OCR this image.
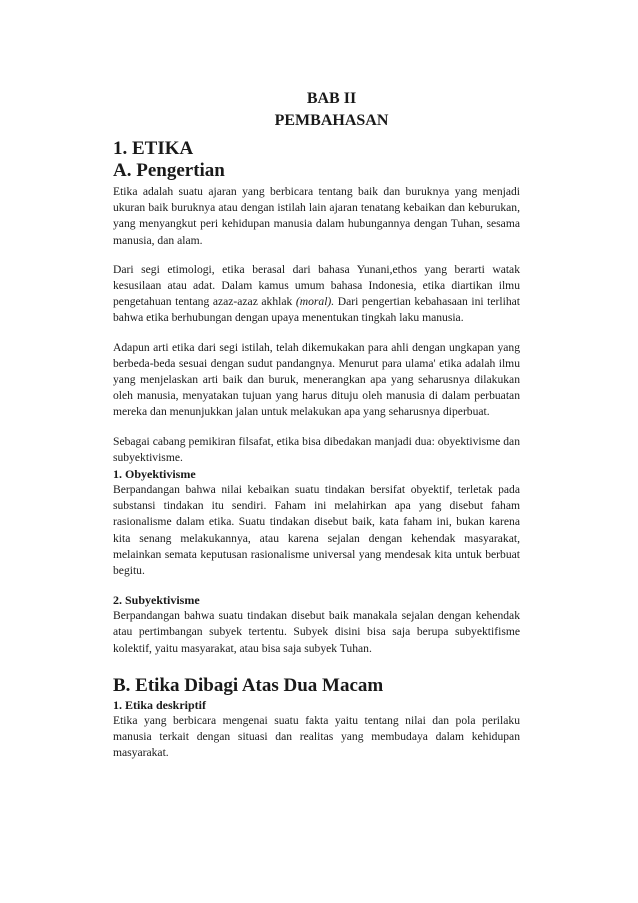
BAB II
PEMBAHASAN
1. ETIKA
A. Pengertian

Etika adalah suatu ajaran yang berbicara tentang baik dan buruknya yang menjadi ukuran baik buruknya atau dengan istilah lain ajaran tenatang kebaikan dan keburukan, yang menyangkut peri kehidupan manusia dalam hubungannya dengan Tuhan, sesama manusia, dan alam.

Dari segi etimologi, etika berasal dari bahasa Yunani,ethos yang berarti watak kesusilaan atau adat. Dalam kamus umum bahasa Indonesia, etika diartikan ilmu pengetahuan tentang azaz-azaz akhlak (moral). Dari pengertian kebahasaan ini terlihat bahwa etika berhubungan dengan upaya menentukan tingkah laku manusia.

Adapun arti etika dari segi istilah, telah dikemukakan para ahli dengan ungkapan yang berbeda-beda sesuai dengan sudut pandangnya. Menurut para ulama' etika adalah ilmu yang menjelaskan arti baik dan buruk, menerangkan apa yang seharusnya dilakukan oleh manusia, menyatakan tujuan yang harus dituju oleh manusia di dalam perbuatan mereka dan menunjukkan jalan untuk melakukan apa yang seharusnya diperbuat.

Sebagai cabang pemikiran filsafat, etika bisa dibedakan manjadi dua: obyektivisme dan subyektivisme.

1. Obyektivisme

Berpandangan bahwa nilai kebaikan suatu tindakan bersifat obyektif, terletak pada substansi tindakan itu sendiri. Faham ini melahirkan apa yang disebut faham rasionalisme dalam etika. Suatu tindakan disebut baik, kata faham ini, bukan karena kita senang melakukannya, atau karena sejalan dengan kehendak masyarakat, melainkan semata keputusan rasionalisme universal yang mendesak kita untuk berbuat begitu.

2. Subyektivisme

Berpandangan bahwa suatu tindakan disebut baik manakala sejalan dengan kehendak atau pertimbangan subyek tertentu. Subyek disini bisa saja berupa subyektifisme kolektif, yaitu masyarakat, atau bisa saja subyek Tuhan.

B. Etika Dibagi Atas Dua Macam
1. Etika deskriptif

Etika yang berbicara mengenai suatu fakta yaitu tentang nilai dan pola perilaku manusia terkait dengan situasi dan realitas yang membudaya dalam kehidupan masyarakat.
